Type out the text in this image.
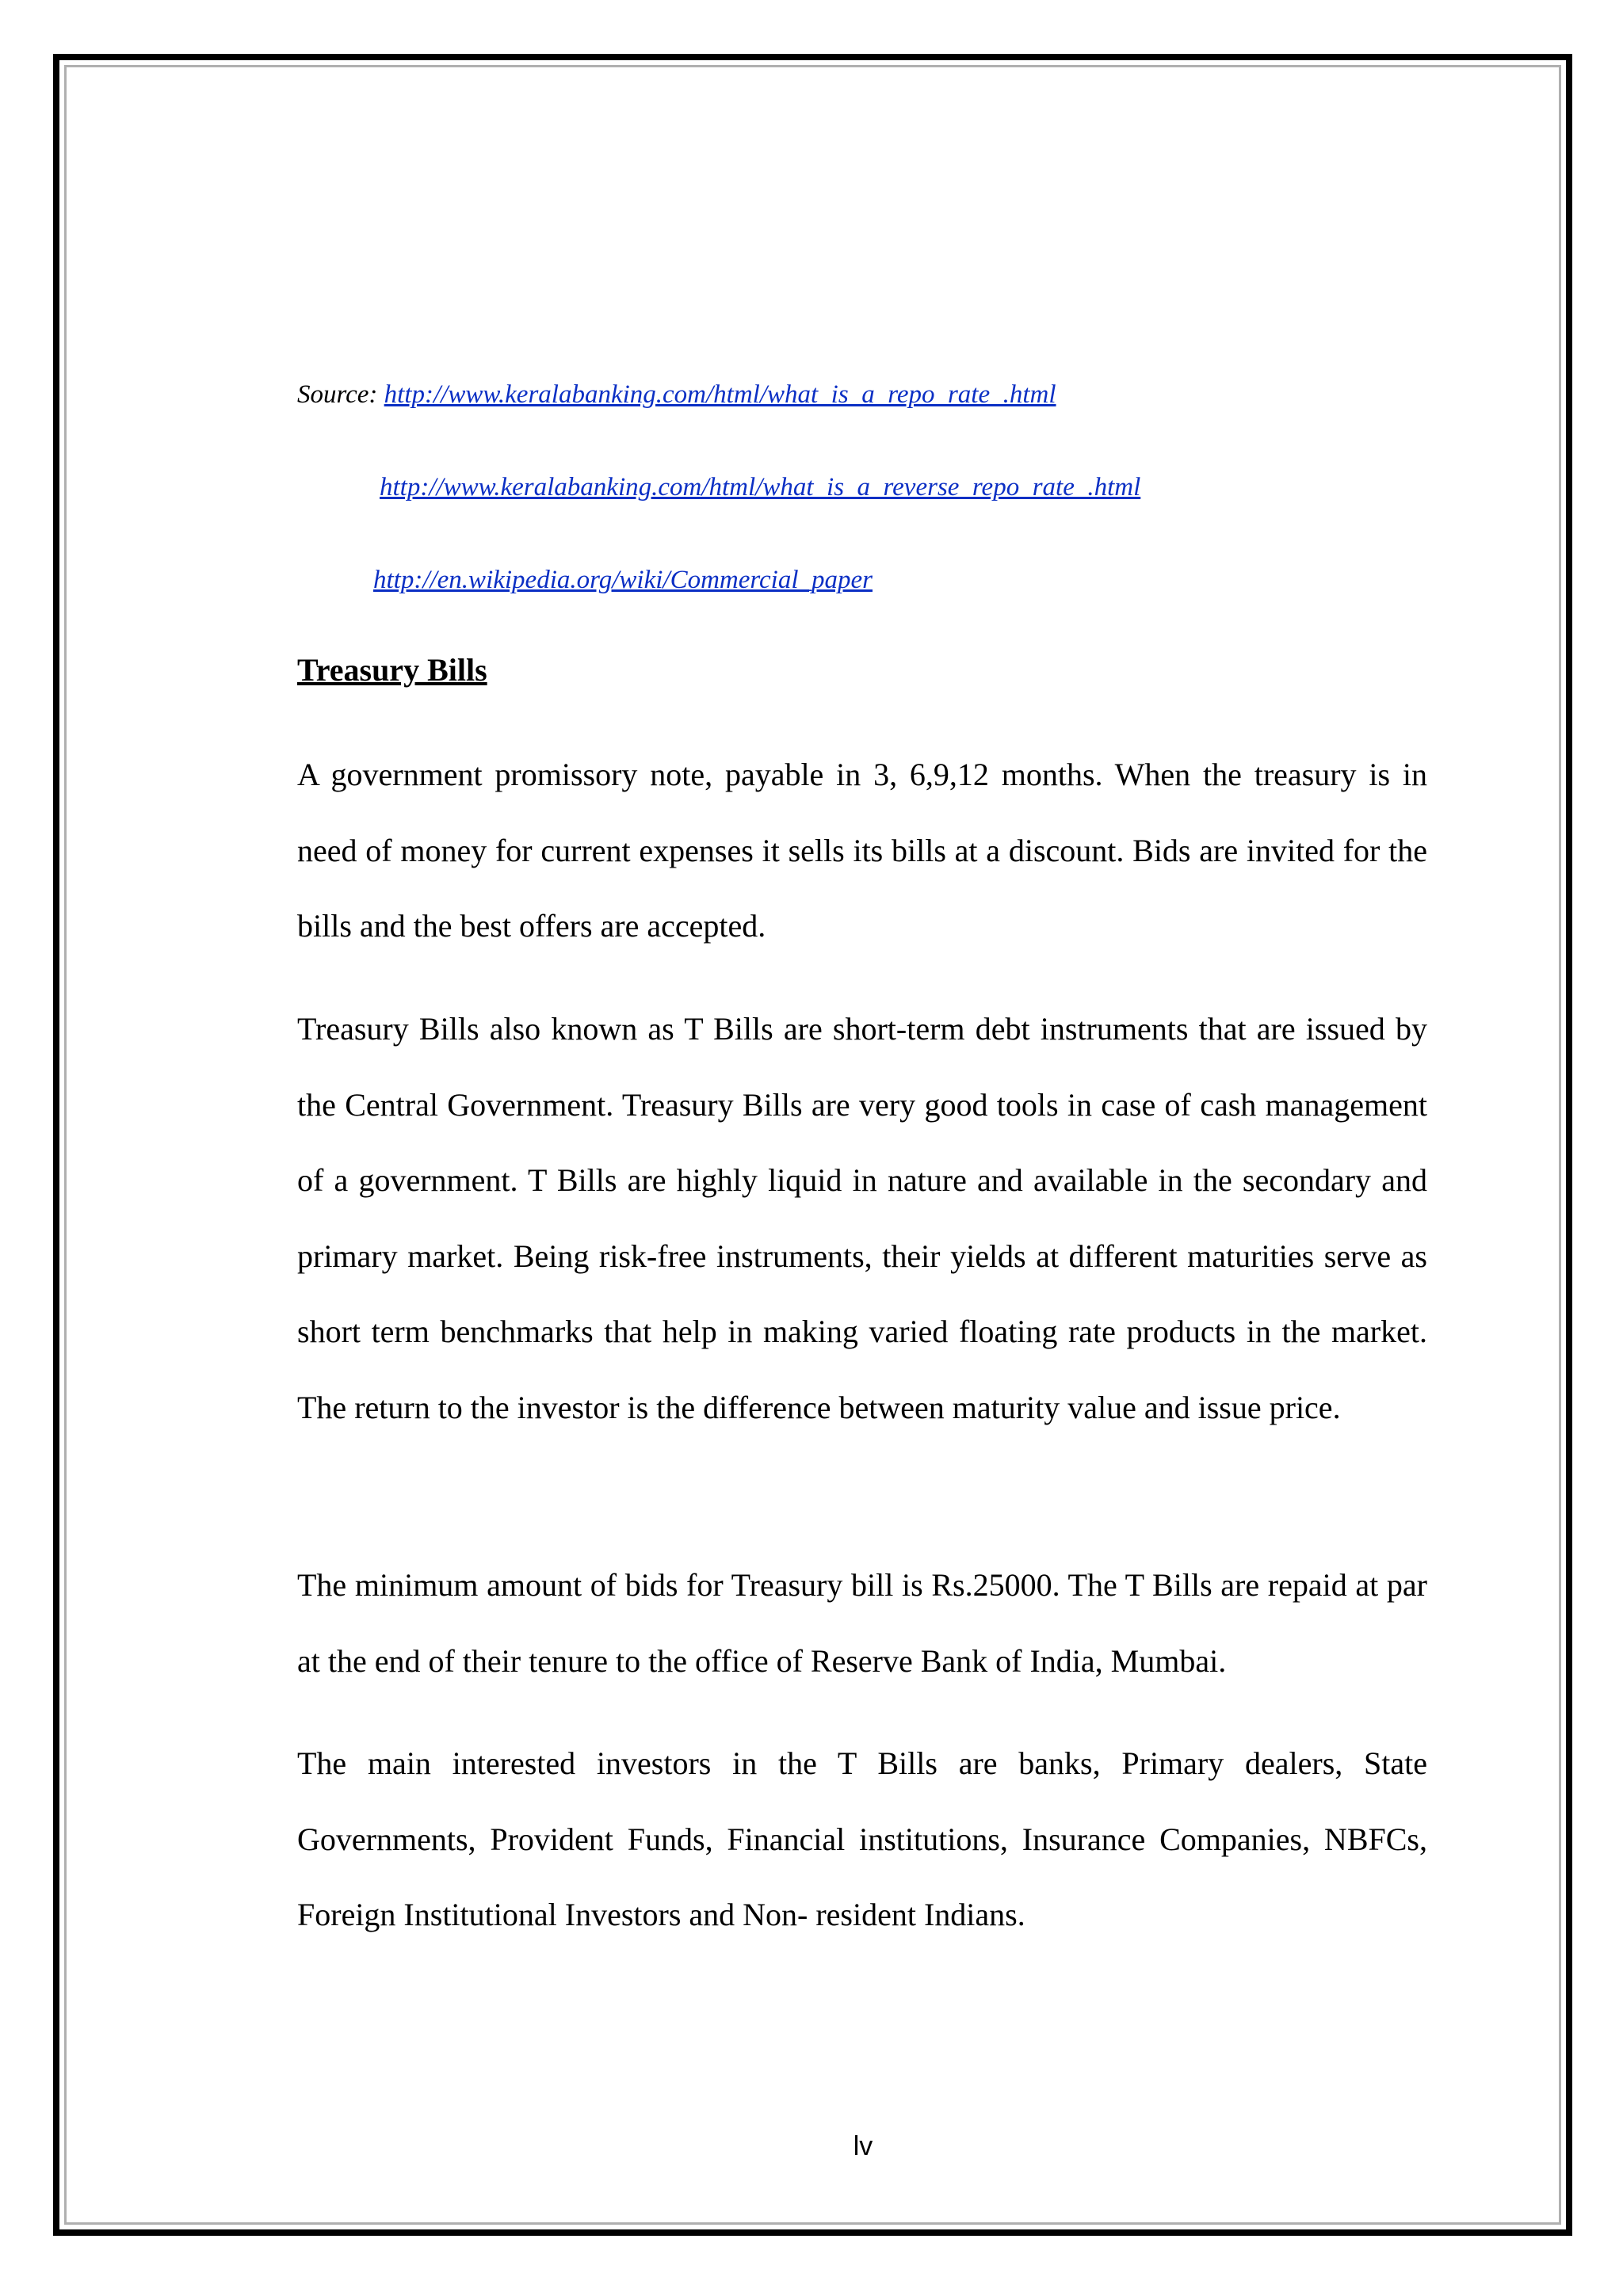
Source: http://www.keralabanking.com/html/what_is_a_repo_rate_.html
http://www.keralabanking.com/html/what_is_a_reverse_repo_rate_.html
http://en.wikipedia.org/wiki/Commercial_paper
Treasury Bills

A government promissory note, payable in 3, 6,9,12 months. When the treasury is in need of money for current expenses it sells its bills at a discount. Bids are invited for the bills and the best offers are accepted.

Treasury Bills also known as T Bills are short-term debt instruments that are issued by the Central Government. Treasury Bills are very good tools in case of cash management of a government. T Bills are highly liquid in nature and available in the secondary and primary market. Being risk-free instruments, their yields at different maturities serve as short term benchmarks that help in making varied floating rate products in the market. The return to the investor is the difference between maturity value and issue price.

The minimum amount of bids for Treasury bill is Rs.25000. The T Bills are repaid at par at the end of their tenure to the office of Reserve Bank of India, Mumbai.

The main interested investors in the T Bills are banks, Primary dealers, State Governments, Provident Funds, Financial institutions, Insurance Companies, NBFCs, Foreign Institutional Investors and Non- resident Indians.

lv
